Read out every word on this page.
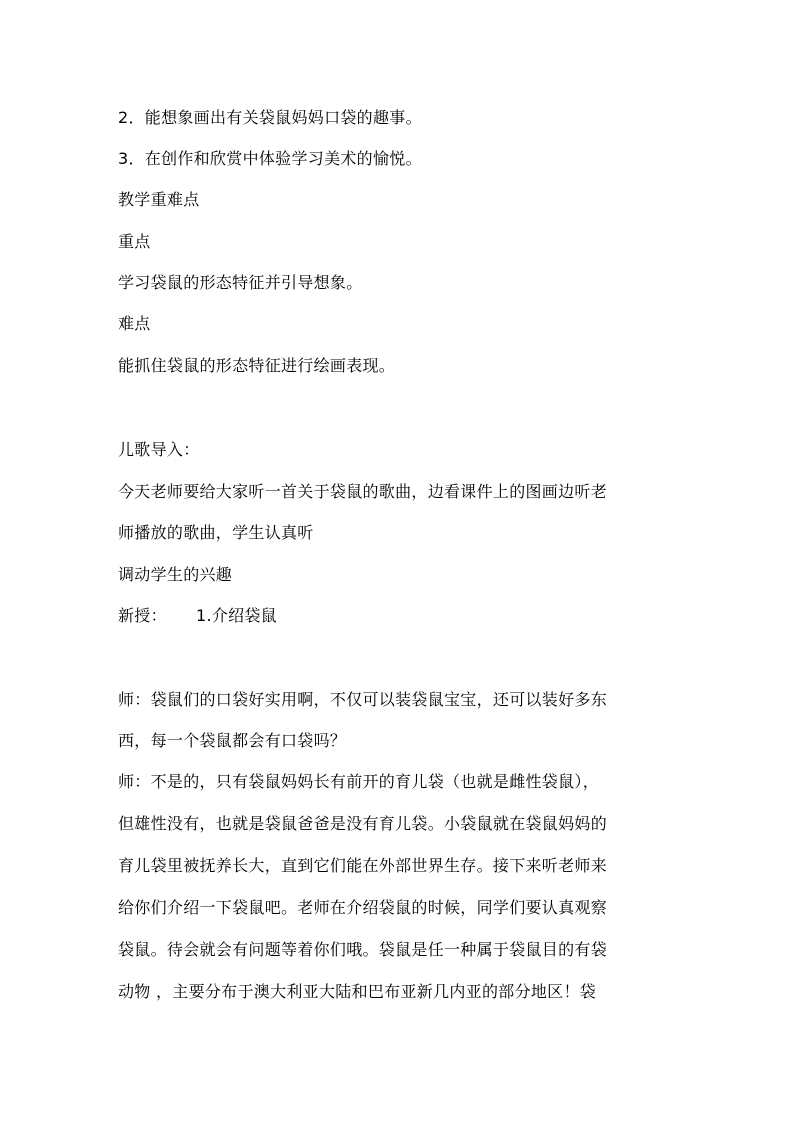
2．能想象画出有关袋鼠妈妈口袋的趣事。
3．在创作和欣赏中体验学习美术的愉悦。
教学重难点
重点
学习袋鼠的形态特征并引导想象。
难点
能抓住袋鼠的形态特征进行绘画表现。
儿歌导入：
今天老师要给大家听一首关于袋鼠的歌曲，边看课件上的图画边听老
师播放的歌曲，学生认真听
调动学生的兴趣
新授： 1.介绍袋鼠
师：袋鼠们的口袋好实用啊，不仅可以装袋鼠宝宝，还可以装好多东
西，每一个袋鼠都会有口袋吗？
师：不是的，只有袋鼠妈妈长有前开的育儿袋（也就是雌性袋鼠），
但雄性没有，也就是袋鼠爸爸是没有育儿袋。小袋鼠就在袋鼠妈妈的
育儿袋里被抚养长大，直到它们能在外部世界生存。接下来听老师来
给你们介绍一下袋鼠吧。老师在介绍袋鼠的时候，同学们要认真观察
袋鼠。待会就会有问题等着你们哦。袋鼠是任一种属于袋鼠目的有袋
动物 ，主要分布于澳大利亚大陆和巴布亚新几内亚的部分地区！袋
